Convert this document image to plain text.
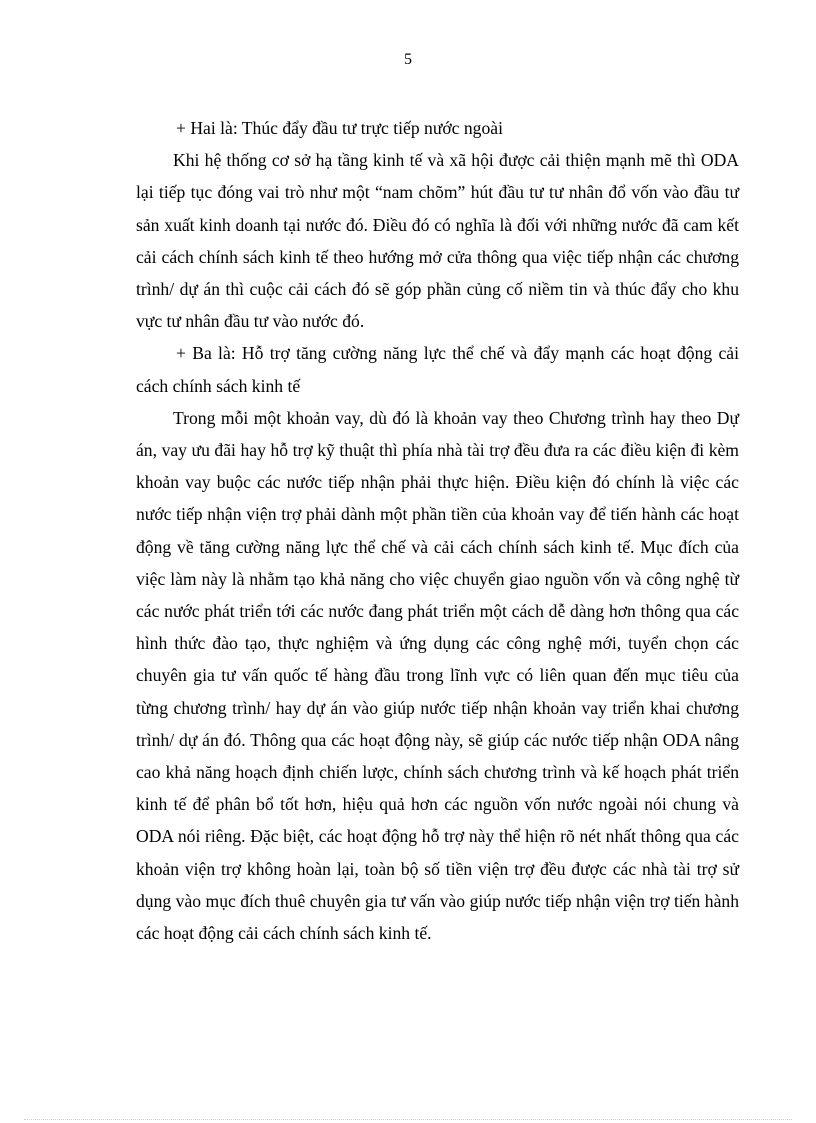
5

+ Hai là: Thúc đẩy đầu tư trực tiếp nước ngoài

Khi hệ thống cơ sở hạ tầng kinh tế và xã hội được cải thiện mạnh mẽ thì ODA lại tiếp tục đóng vai trò như một “nam chõm” hút đầu tư tư nhân đổ vốn vào đầu tư sản xuất kinh doanh tại nước đó. Điều đó có nghĩa là đối với những nước đã cam kết cải cách chính sách kinh tế theo hướng mở cửa thông qua việc tiếp nhận các chương trình/ dự án thì cuộc cải cách đó sẽ góp phần củng cố niềm tin và thúc đẩy cho khu vực tư nhân đầu tư vào nước đó.

+ Ba là: Hỗ trợ tăng cường năng lực thể chế và đẩy mạnh các hoạt động cải cách chính sách kinh tế

Trong mỗi một khoản vay, dù đó là khoản vay theo Chương trình hay theo Dự án, vay ưu đãi hay hỗ trợ kỹ thuật thì phía nhà tài trợ đều đưa ra các điều kiện đi kèm khoản vay buộc các nước tiếp nhận phải thực hiện. Điều kiện đó chính là việc các nước tiếp nhận viện trợ phải dành một phần tiền của khoản vay để tiến hành các hoạt động về tăng cường năng lực thể chế và cải cách chính sách kinh tế. Mục đích của việc làm này là nhằm tạo khả năng cho việc chuyển giao nguồn vốn và công nghệ từ các nước phát triển tới các nước đang phát triển một cách dễ dàng hơn thông qua các hình thức đào tạo, thực nghiệm và ứng dụng các công nghệ mới, tuyển chọn các chuyên gia tư vấn quốc tế hàng đầu trong lĩnh vực có liên quan đến mục tiêu của từng chương trình/ hay dự án vào giúp nước tiếp nhận khoản vay triển khai chương trình/ dự án đó. Thông qua các hoạt động này, sẽ giúp các nước tiếp nhận ODA nâng cao khả năng hoạch định chiến lược, chính sách chương trình và kế hoạch phát triển kinh tế để phân bổ tốt hơn, hiệu quả hơn các nguồn vốn nước ngoài nói chung và ODA nói riêng. Đặc biệt, các hoạt động hỗ trợ này thể hiện rõ nét nhất thông qua các khoản viện trợ không hoàn lại, toàn bộ số tiền viện trợ đều được các nhà tài trợ sử dụng vào mục đích thuê chuyên gia tư vấn vào giúp nước tiếp nhận viện trợ tiến hành các hoạt động cải cách chính sách kinh tế.
